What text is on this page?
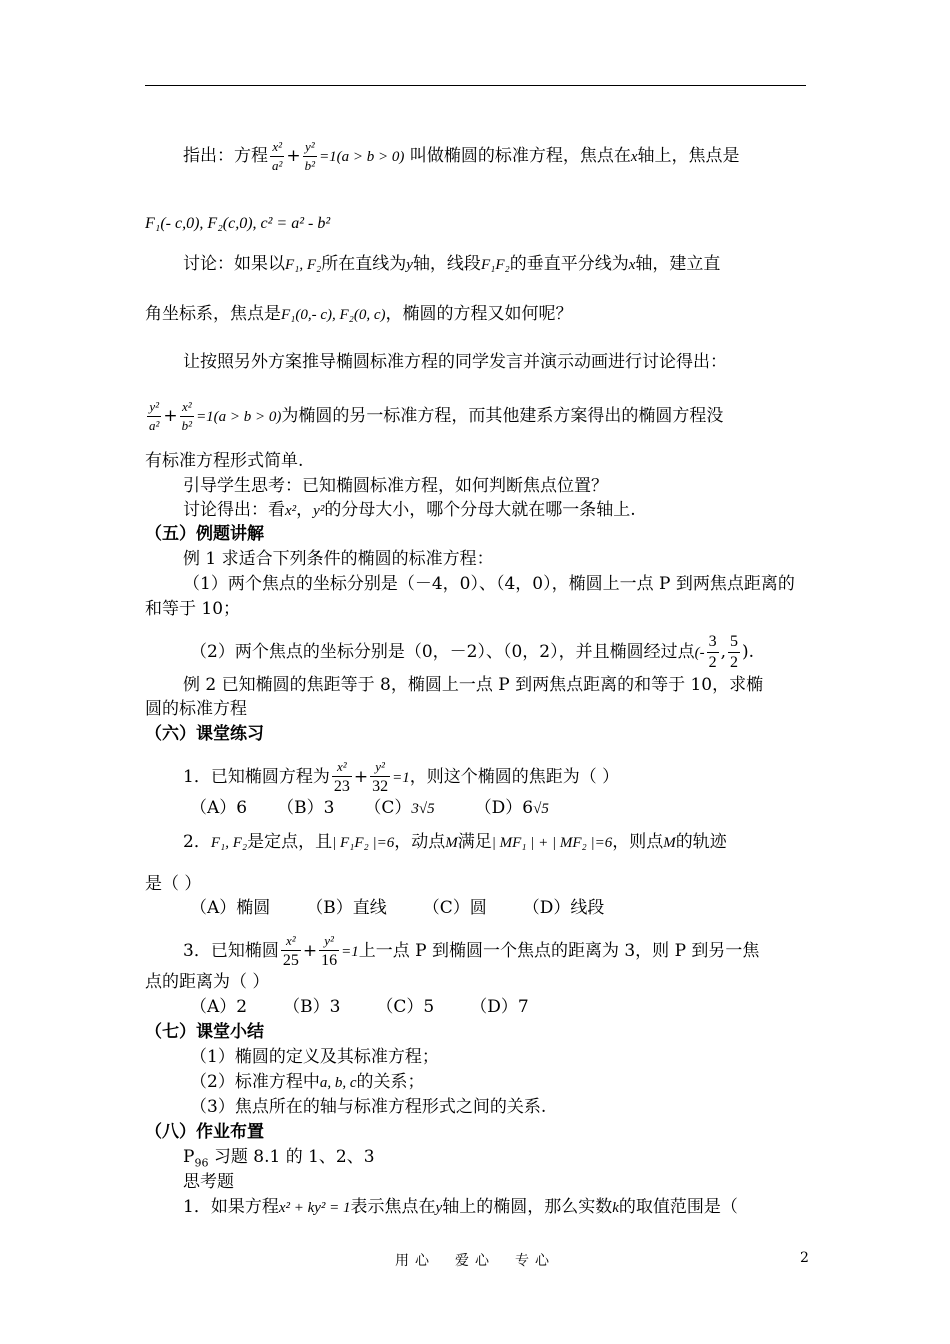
指出：方程 $\frac{\text{x²}}{\text{a²}} + \frac{\text{y²}}{\text{b²}} =1(a > b > 0)$ 叫做椭圆的标准方程，焦点在x轴上，焦点是
F₁(- c,0), F₂(c,0), c² = a² - b²
讨论：如果以F₁, F₂所在直线为y轴，线段F₁F₂的垂直平分线为x轴，建立直
角坐标系，焦点是F₁(0,- c), F₂(0, c)，椭圆的方程又如何呢？
让按照另外方案推导椭圆标准方程的同学发言并演示动画进行讨论得出：
$\frac{\text{y²}}{\text{a²}} + \frac{\text{x²}}{\text{b²}} =1(a > b > 0)$为椭圆的另一标准方程，而其他建系方案得出的椭圆方程没
有标准方程形式简单.
引导学生思考：已知椭圆标准方程，如何判断焦点位置？
讨论得出：看x²，y²的分母大小，哪个分母大就在哪一条轴上.
（五）例题讲解
例 1 求适合下列条件的椭圆的标准方程：
（1）两个焦点的坐标分别是（－4，0）、（4，0），椭圆上一点 P 到两焦点距离的
和等于 10；
（2）两个焦点的坐标分别是（0，－2）、（0，2），并且椭圆经过点(- $\frac{3}{2}$ , $\frac{5}{2}$ ).
例 2 已知椭圆的焦距等于 8，椭圆上一点 P 到两焦点距离的和等于 10，求椭
圆的标准方程
（六）课堂练习
1．已知椭圆方程为 $\frac{\text{x²}}{23} + \frac{\text{y²}}{32} =1$，则这个椭圆的焦距为（ ）
（A）6 （B）3 （C）3√5 （D）6√5
2．F₁, F₂是定点，且| F₁F₂ |=6，动点M满足| MF₁ | + | MF₂ |=6，则点M的轨迹
是（ ）
（A）椭圆 （B）直线 （C）圆 （D）线段
3．已知椭圆 $\frac{\text{x²}}{25} + \frac{\text{y²}}{16} =1$上一点 P 到椭圆一个焦点的距离为 3，则 P 到另一焦
点的距离为（ ）
（A）2 （B）3 （C）5 （D）7
（七）课堂小结
（1）椭圆的定义及其标准方程；
（2）标准方程中a, b, c的关系；
（3）焦点所在的轴与标准方程形式之间的关系.
（八）作业布置
$P_{96}$ 习题 8.1 的 1、2、3
思考题
1．如果方程x² + ky² = 1表示焦点在y轴上的椭圆，那么实数k的取值范围是（
用心　爱心　专心	2
